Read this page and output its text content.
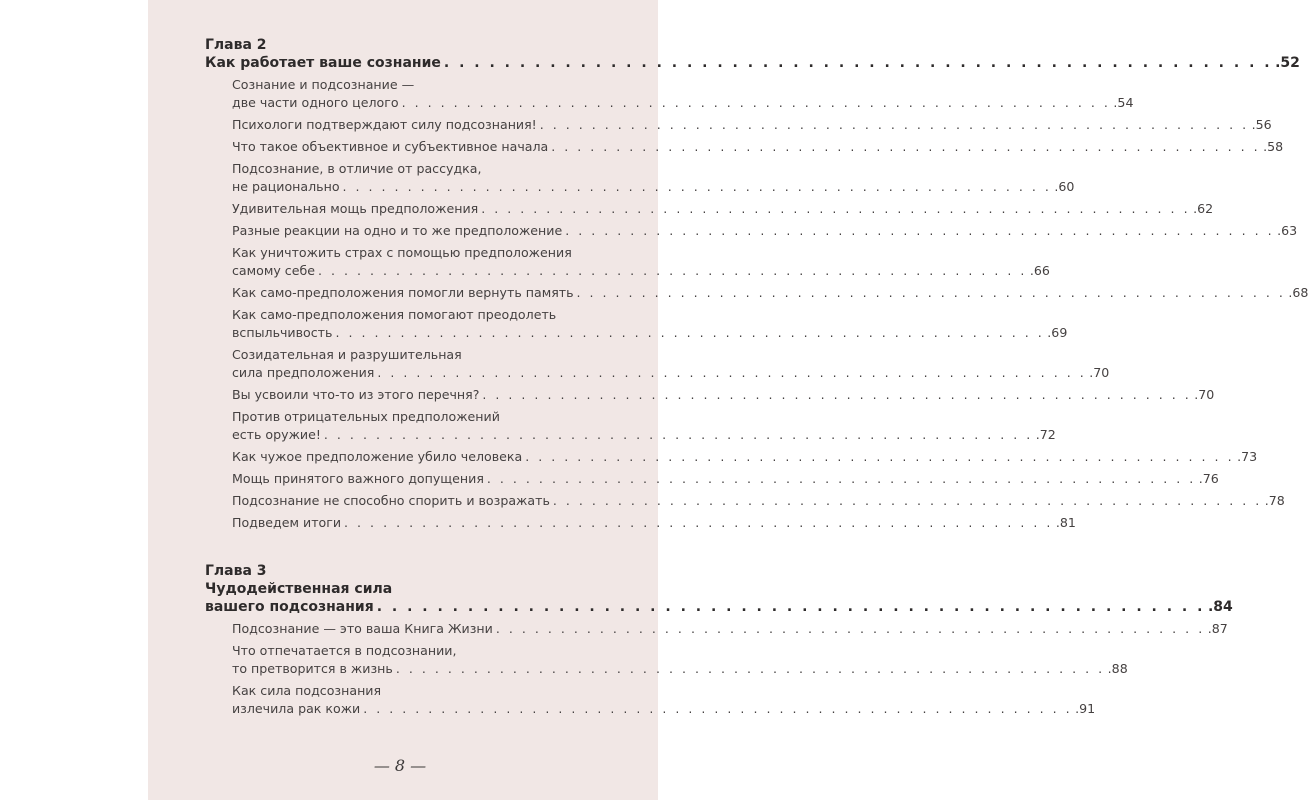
Глава 2
Как работает ваше сознание . . . . . . . . . . . . . . . . . . . . . . . . . . . . . . . . . . . . . . . . . . . . . . . . . . . . . . . .52
Сознание и подсознание —
две части одного целого . . . . . . . . . . . . . . . . . . . . . . . . . . . . . . . . . . . . . . . . . . . . . . . . . . . . . . . .54
Психологи подтверждают силу подсознания! . . . . . . . . . . . . . . . . . . . . . . . . . . . . . . . . . . . . . . . . . . . . . . . . . . . . . . . .56
Что такое объективное и субъективное начала . . . . . . . . . . . . . . . . . . . . . . . . . . . . . . . . . . . . . . . . . . . . . . . . . . . . . . . .58
Подсознание, в отличие от рассудка,
не рационально . . . . . . . . . . . . . . . . . . . . . . . . . . . . . . . . . . . . . . . . . . . . . . . . . . . . . . . .60
Удивительная мощь предположения . . . . . . . . . . . . . . . . . . . . . . . . . . . . . . . . . . . . . . . . . . . . . . . . . . . . . . . .62
Разные реакции на одно и то же предположение . . . . . . . . . . . . . . . . . . . . . . . . . . . . . . . . . . . . . . . . . . . . . . . . . . . . . . . .63
Как уничтожить страх с помощью предположения
самому себе . . . . . . . . . . . . . . . . . . . . . . . . . . . . . . . . . . . . . . . . . . . . . . . . . . . . . . . .66
Как само-предположения помогли вернуть память . . . . . . . . . . . . . . . . . . . . . . . . . . . . . . . . . . . . . . . . . . . . . . . . . . . . . . . .68
Как само-предположения помогают преодолеть
вспыльчивость . . . . . . . . . . . . . . . . . . . . . . . . . . . . . . . . . . . . . . . . . . . . . . . . . . . . . . . .69
Созидательная и разрушительная
сила предположения . . . . . . . . . . . . . . . . . . . . . . . . . . . . . . . . . . . . . . . . . . . . . . . . . . . . . . . .70
Вы усвоили что-то из этого перечня? . . . . . . . . . . . . . . . . . . . . . . . . . . . . . . . . . . . . . . . . . . . . . . . . . . . . . . . .70
Против отрицательных предположений
есть оружие! . . . . . . . . . . . . . . . . . . . . . . . . . . . . . . . . . . . . . . . . . . . . . . . . . . . . . . . .72
Как чужое предположение убило человека . . . . . . . . . . . . . . . . . . . . . . . . . . . . . . . . . . . . . . . . . . . . . . . . . . . . . . . .73
Мощь принятого важного допущения . . . . . . . . . . . . . . . . . . . . . . . . . . . . . . . . . . . . . . . . . . . . . . . . . . . . . . . .76
Подсознание не способно спорить и возражать . . . . . . . . . . . . . . . . . . . . . . . . . . . . . . . . . . . . . . . . . . . . . . . . . . . . . . . .78
Подведем итоги . . . . . . . . . . . . . . . . . . . . . . . . . . . . . . . . . . . . . . . . . . . . . . . . . . . . . . . .81
Глава 3
Чудодейственная сила
вашего подсознания . . . . . . . . . . . . . . . . . . . . . . . . . . . . . . . . . . . . . . . . . . . . . . . . . . . . . . . .84
Подсознание — это ваша Книга Жизни . . . . . . . . . . . . . . . . . . . . . . . . . . . . . . . . . . . . . . . . . . . . . . . . . . . . . . . .87
Что отпечатается в подсознании,
то претворится в жизнь . . . . . . . . . . . . . . . . . . . . . . . . . . . . . . . . . . . . . . . . . . . . . . . . . . . . . . . .88
Как сила подсознания
излечила рак кожи . . . . . . . . . . . . . . . . . . . . . . . . . . . . . . . . . . . . . . . . . . . . . . . . . . . . . . . .91
— 8 —
